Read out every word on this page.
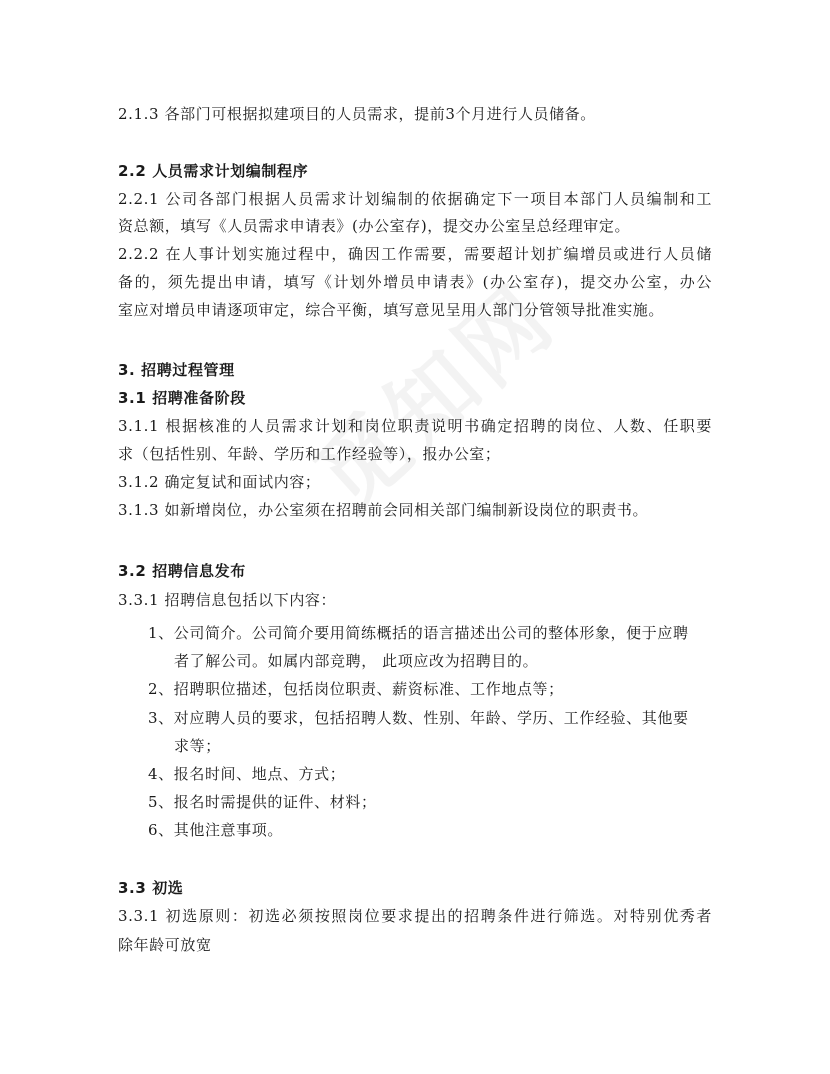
2.1.3 各部门可根据拟建项目的人员需求，提前3个月进行人员储备。
2.2 人员需求计划编制程序
2.2.1 公司各部门根据人员需求计划编制的依据确定下一项目本部门人员编制和工
资总额，填写《人员需求申请表》(办公室存)，提交办公室呈总经理审定。
2.2.2 在人事计划实施过程中，确因工作需要，需要超计划扩编增员或进行人员储
备的，须先提出申请，填写《计划外增员申请表》(办公室存)，提交办公室，办公
室应对增员申请逐项审定，综合平衡，填写意见呈用人部门分管领导批准实施。
3. 招聘过程管理
3.1 招聘准备阶段
3.1.1 根据核准的人员需求计划和岗位职责说明书确定招聘的岗位、人数、任职要
求（包括性别、年龄、学历和工作经验等），报办公室；
3.1.2 确定复试和面试内容；
3.1.3 如新增岗位，办公室须在招聘前会同相关部门编制新设岗位的职责书。
3.2 招聘信息发布
3.3.1 招聘信息包括以下内容：
1、公司简介。公司简介要用简练概括的语言描述出公司的整体形象，便于应聘
者了解公司。如属内部竞聘， 此项应改为招聘目的。
2、招聘职位描述，包括岗位职责、薪资标准、工作地点等；
3、对应聘人员的要求，包括招聘人数、性别、年龄、学历、工作经验、其他要
求等；
4、报名时间、地点、方式；
5、报名时需提供的证件、材料；
6、其他注意事项。
3.3 初选
3.3.1 初选原则：初选必须按照岗位要求提出的招聘条件进行筛选。对特别优秀者
除年龄可放宽
